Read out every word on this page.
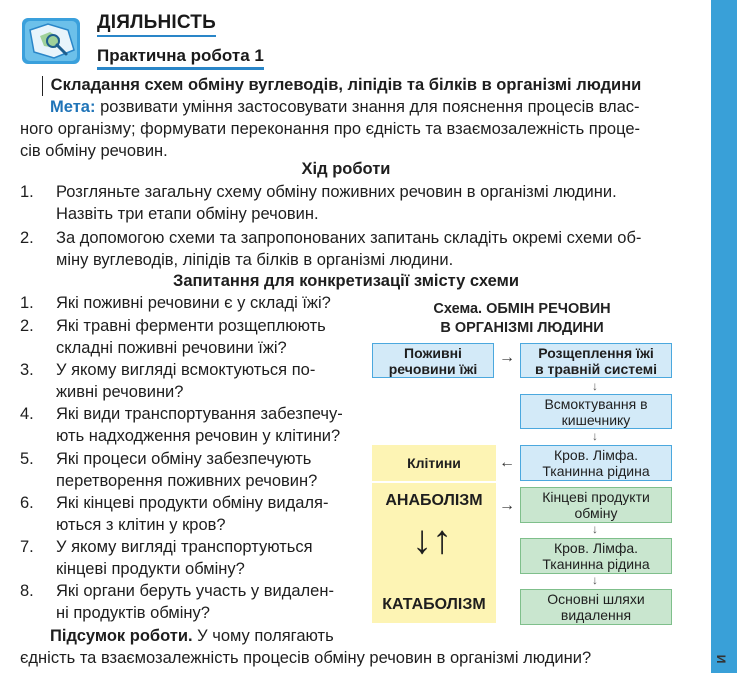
И
ДІЯЛЬНІСТЬ
Практична робота 1
Складання схем обміну вуглеводів, ліпідів та білків в організмі людини
Мета: розвивати уміння застосовувати знання для пояснення процесів влас-
ного організму; формувати переконання про єдність та взаємозалежність проце-
сів обміну речовин.
Хід роботи
1.	Розгляньте загальну схему обміну поживних речовин в організмі людини.
Назвіть три етапи обміну речовин.
2.	За допомогою схеми та запропонованих запитань складіть окремі схеми об-
міну вуглеводів, ліпідів та білків в організмі людини.
Запитання для конкретизації змісту схеми
1.	Які поживні речовини є у складі їжі?
2.	Які травні ферменти розщеплюють
складні поживні речовини їжі?
3.	У якому вигляді всмоктуються по-
живні речовини?
4.	Які види транспортування забезпечу-
ють надходження речовин у клітини?
5.	Які процеси обміну забезпечують
перетворення поживних речовин?
6.	Які кінцеві продукти обміну видаля-
ються з клітин у кров?
7.	У якому вигляді транспортуються
кінцеві продукти обміну?
8.	Які органи беруть участь у видален-
ні продуктів обміну?
Схема. ОБМІН РЕЧОВИН
В ОРГАНІЗМІ ЛЮДИНИ
Поживні
речовини їжі
→ Розщеплення їжі
в травній системі
↓
Всмоктування в
кишечнику
↓
Кров. Лімфа.
Тканинна рідина
←
Клітини
АНАБОЛІЗМ
↓ ↑
КАТАБОЛІЗМ
→ Кінцеві продукти
обміну
↓
Кров. Лімфа.
Тканинна рідина
↓
Основні шляхи
видалення
Підсумок роботи. У чому полягають
єдність та взаємозалежність процесів обміну речовин в організмі людини?
